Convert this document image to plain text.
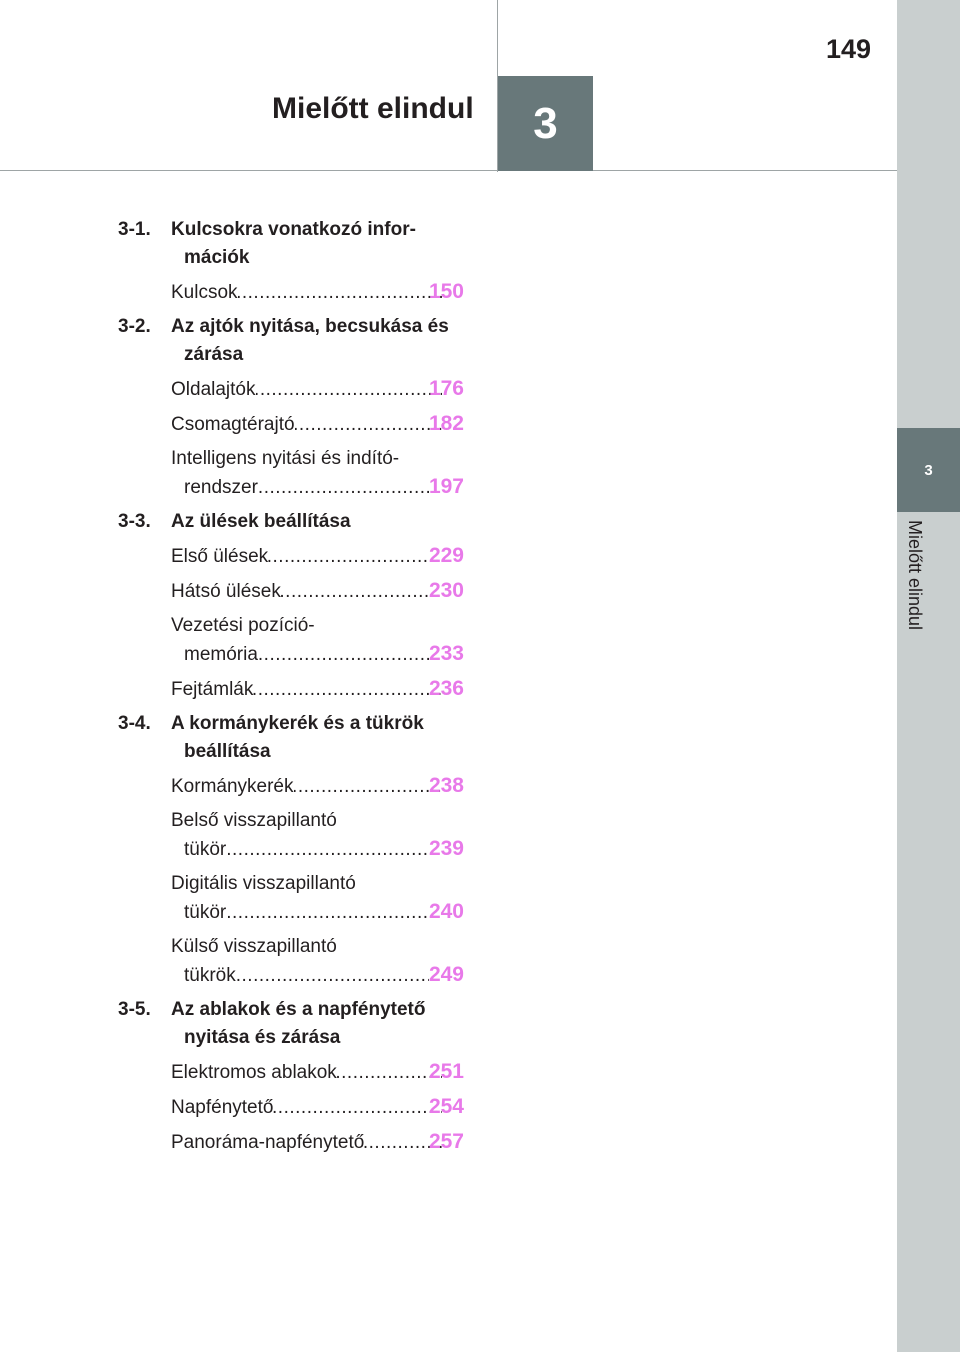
3
Mielőtt elindul
3
Mielőtt elindul
149
3-1. Kulcsokra vonatkozó infor-mációk
Kulcsok .....	150
3-2. Az ajtók nyitása, becsukása és zárása
Oldalajtók .....	176
Csomagtérajtó .....	182
Intelligens nyitási és indító-
rendszer .....	197
3-3. Az ülések beállítása
Első ülések .....	229
Hátsó ülések .....	230
Vezetési pozíció-
memória .....	233
Fejtámlák .....	236
3-4. A kormánykerék és a tükrök beállítása
Kormánykerék .....	238
Belső visszapillantó
tükör .....	239
Digitális visszapillantó
tükör .....	240
Külső visszapillantó
tükrök .....	249
3-5. Az ablakok és a napfénytető nyitása és zárása
Elektromos ablakok .....	251
Napfénytető .....	254
Panoráma-napfénytető .....	257
